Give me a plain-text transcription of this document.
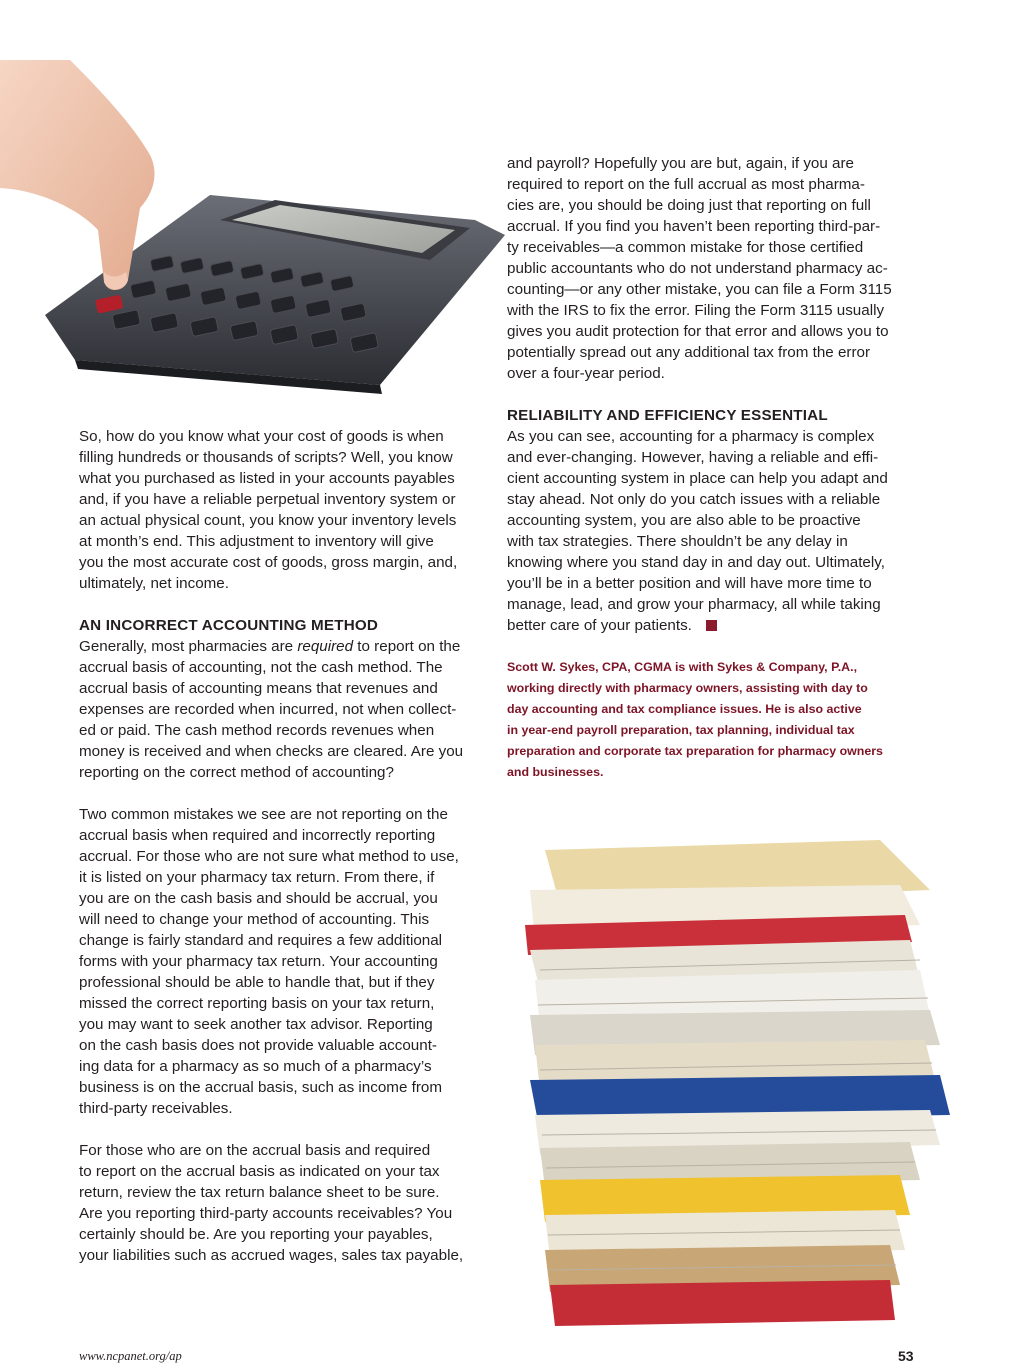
So, how do you know what your cost of goods is when
filling hundreds or thousands of scripts? Well, you know
what you purchased as listed in your accounts payables
and, if you have a reliable perpetual inventory system or
an actual physical count, you know your inventory levels
at month’s end. This adjustment to inventory will give
you the most accurate cost of goods, gross margin, and,
ultimately, net income.

AN INCORRECT ACCOUNTING METHOD

Generally, most pharmacies are required to report on the
accrual basis of accounting, not the cash method. The
accrual basis of accounting means that revenues and
expenses are recorded when incurred, not when collect-
ed or paid. The cash method records revenues when
money is received and when checks are cleared. Are you
reporting on the correct method of accounting?

Two common mistakes we see are not reporting on the
accrual basis when required and incorrectly reporting
accrual. For those who are not sure what method to use,
it is listed on your pharmacy tax return. From there, if
you are on the cash basis and should be accrual, you
will need to change your method of accounting. This
change is fairly standard and requires a few additional
forms with your pharmacy tax return. Your accounting
professional should be able to handle that, but if they
missed the correct reporting basis on your tax return,
you may want to seek another tax advisor. Reporting
on the cash basis does not provide valuable account-
ing data for a pharmacy as so much of a pharmacy’s
business is on the accrual basis, such as income from
third-party receivables.

For those who are on the accrual basis and required
to report on the accrual basis as indicated on your tax
return, review the tax return balance sheet to be sure.
Are you reporting third-party accounts receivables? You
certainly should be. Are you reporting your payables,
your liabilities such as accrued wages, sales tax payable,

and payroll? Hopefully you are but, again, if you are
required to report on the full accrual as most pharma-
cies are, you should be doing just that reporting on full
accrual. If you find you haven’t been reporting third-par-
ty receivables—a common mistake for those certified
public accountants who do not understand pharmacy ac-
counting—or any other mistake, you can file a Form 3115
with the IRS to fix the error. Filing the Form 3115 usually
gives you audit protection for that error and allows you to
potentially spread out any additional tax from the error
over a four-year period.

RELIABILITY AND EFFICIENCY ESSENTIAL

As you can see, accounting for a pharmacy is complex
and ever-changing. However, having a reliable and effi-
cient accounting system in place can help you adapt and
stay ahead. Not only do you catch issues with a reliable
accounting system, you are also able to be proactive
with tax strategies. There shouldn’t be any delay in
knowing where you stand day in and day out. Ultimately,
you’ll be in a better position and will have more time to
manage, lead, and grow your pharmacy, all while taking
better care of your patients.

Scott W. Sykes, CPA, CGMA is with Sykes & Company, P.A.,
working directly with pharmacy owners, assisting with day to
day accounting and tax compliance issues. He is also active
in year-end payroll preparation, tax planning, individual tax
preparation and corporate tax preparation for pharmacy owners
and businesses.
www.ncpanet.org/ap	53
